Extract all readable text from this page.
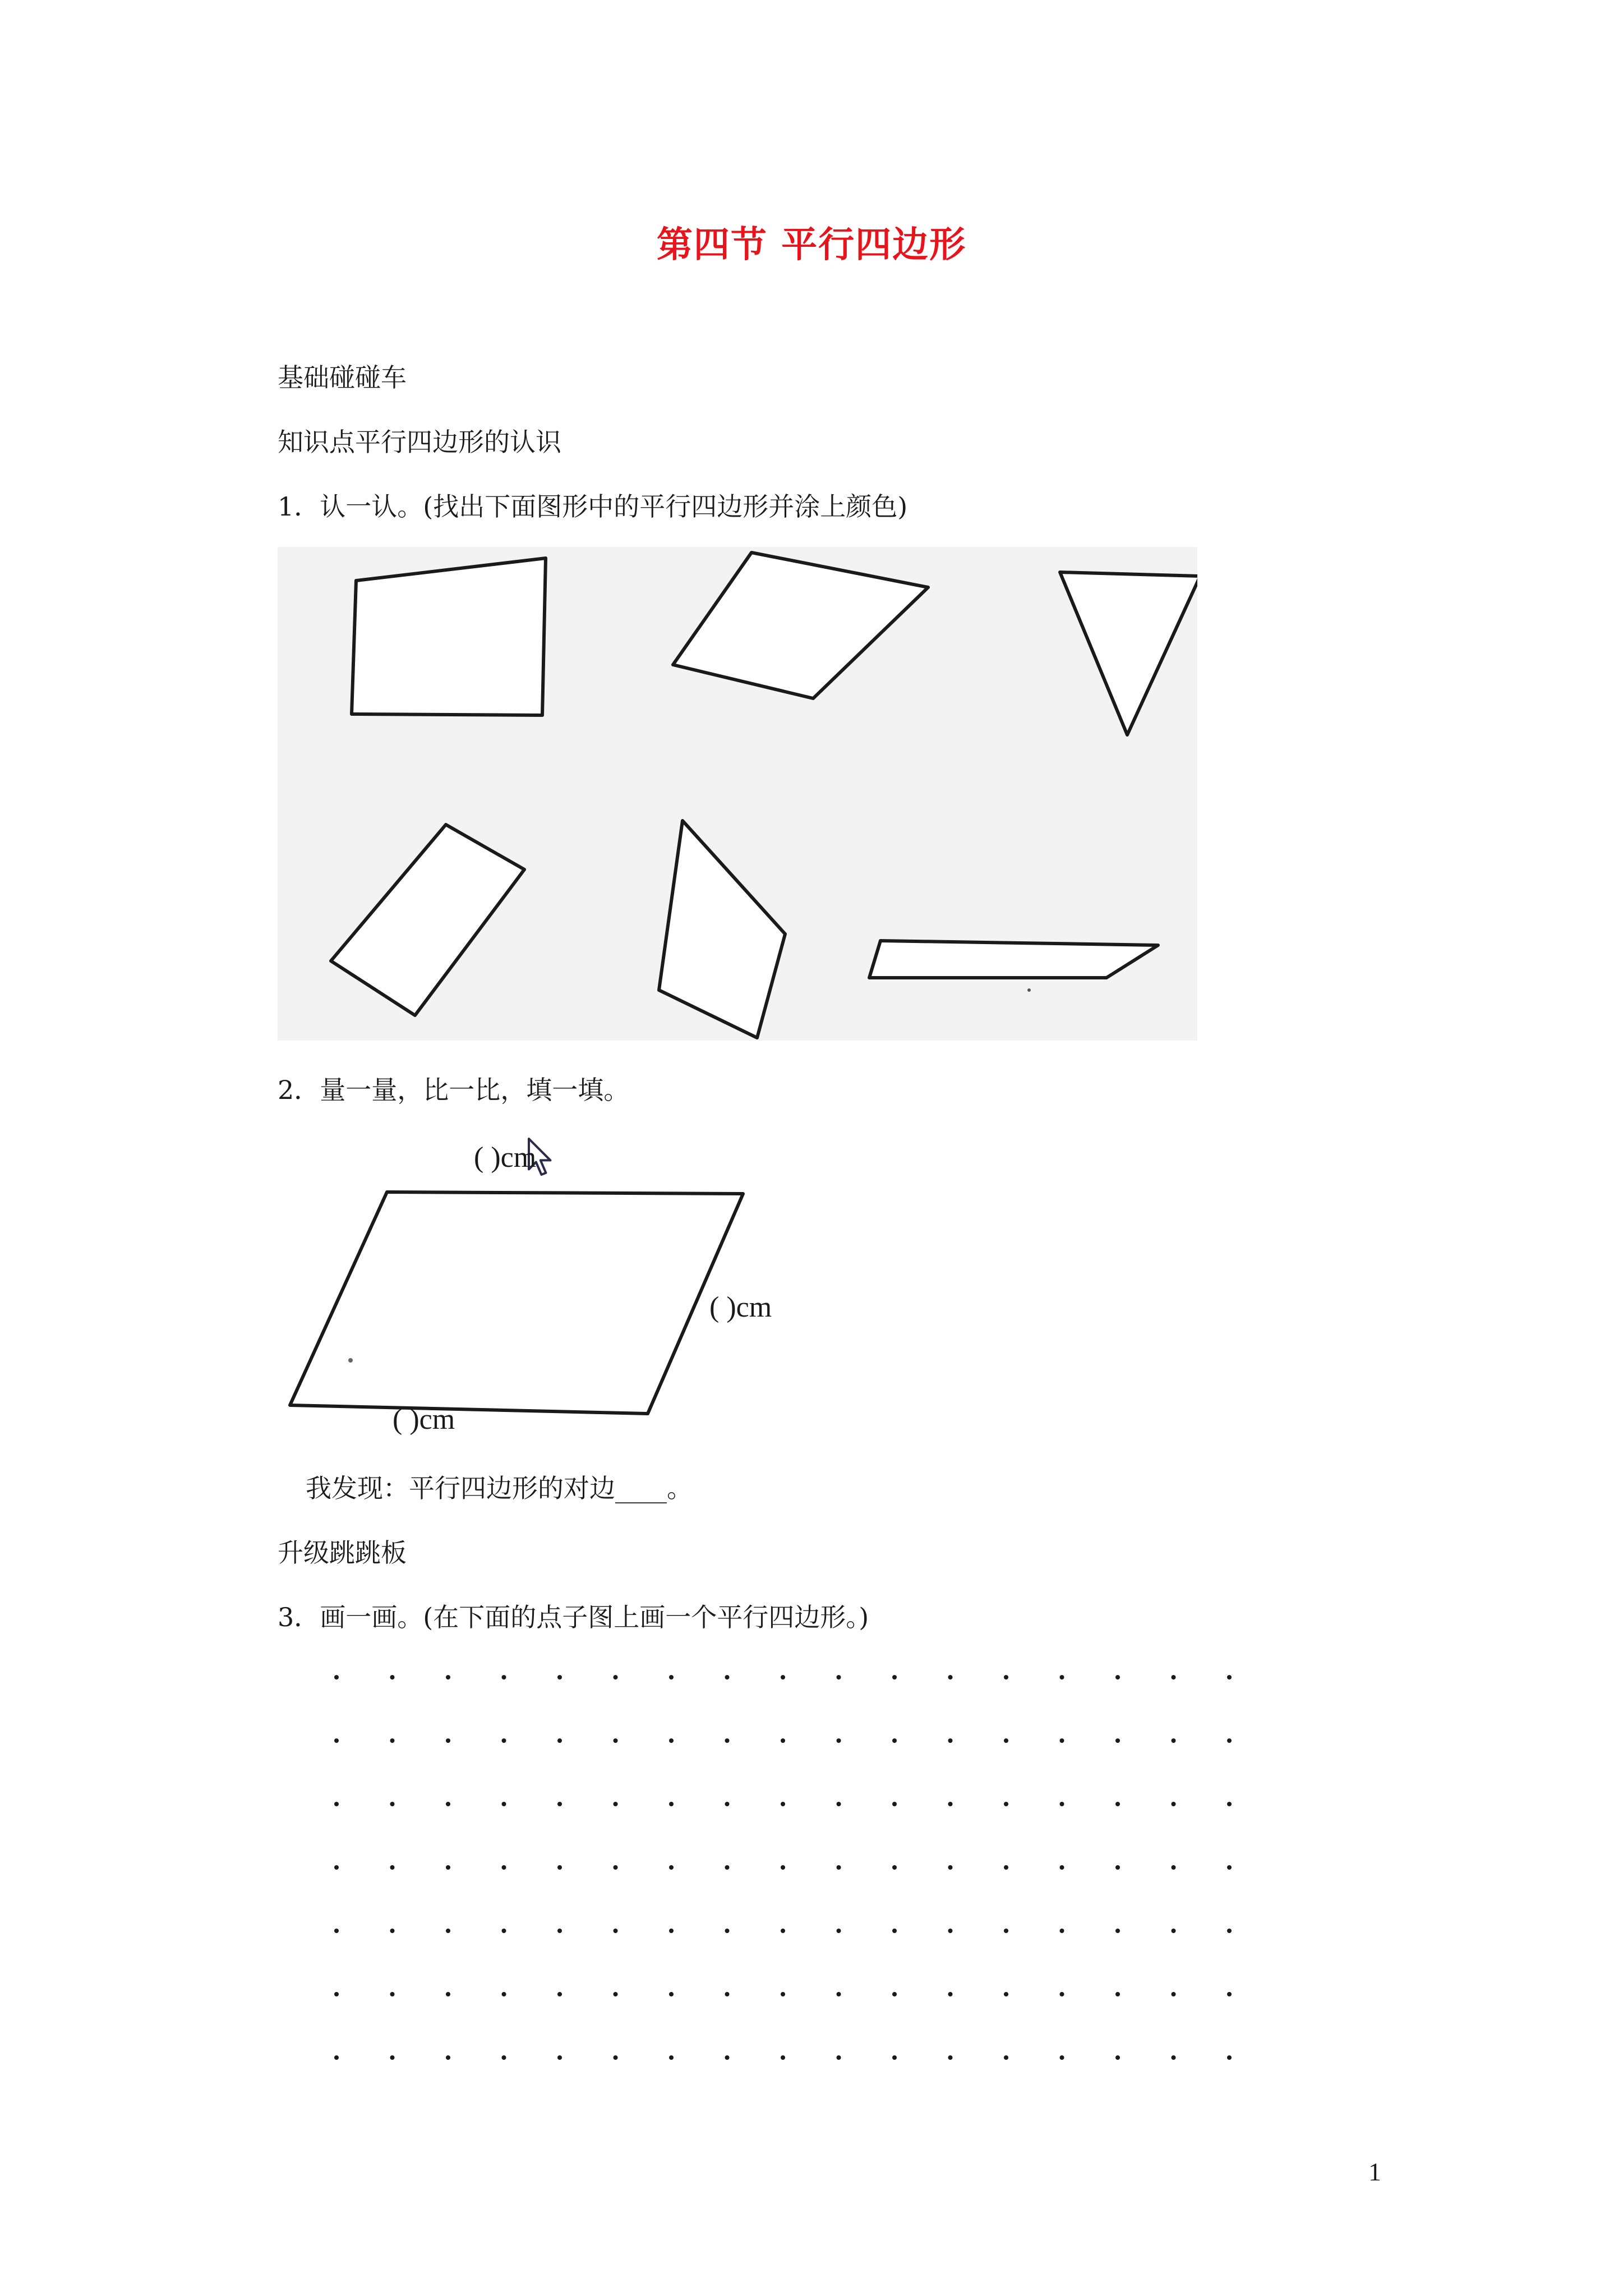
第四节 平行四边形
基础碰碰车
知识点平行四边形的认识
1．认一认。(找出下面图形中的平行四边形并涂上颜色)
2．量一量，比一比，填一填。
( )cm
( )cm
( )cm
我发现：平行四边形的对边____。
升级跳跳板
3．画一画。(在下面的点子图上画一个平行四边形。)
1
